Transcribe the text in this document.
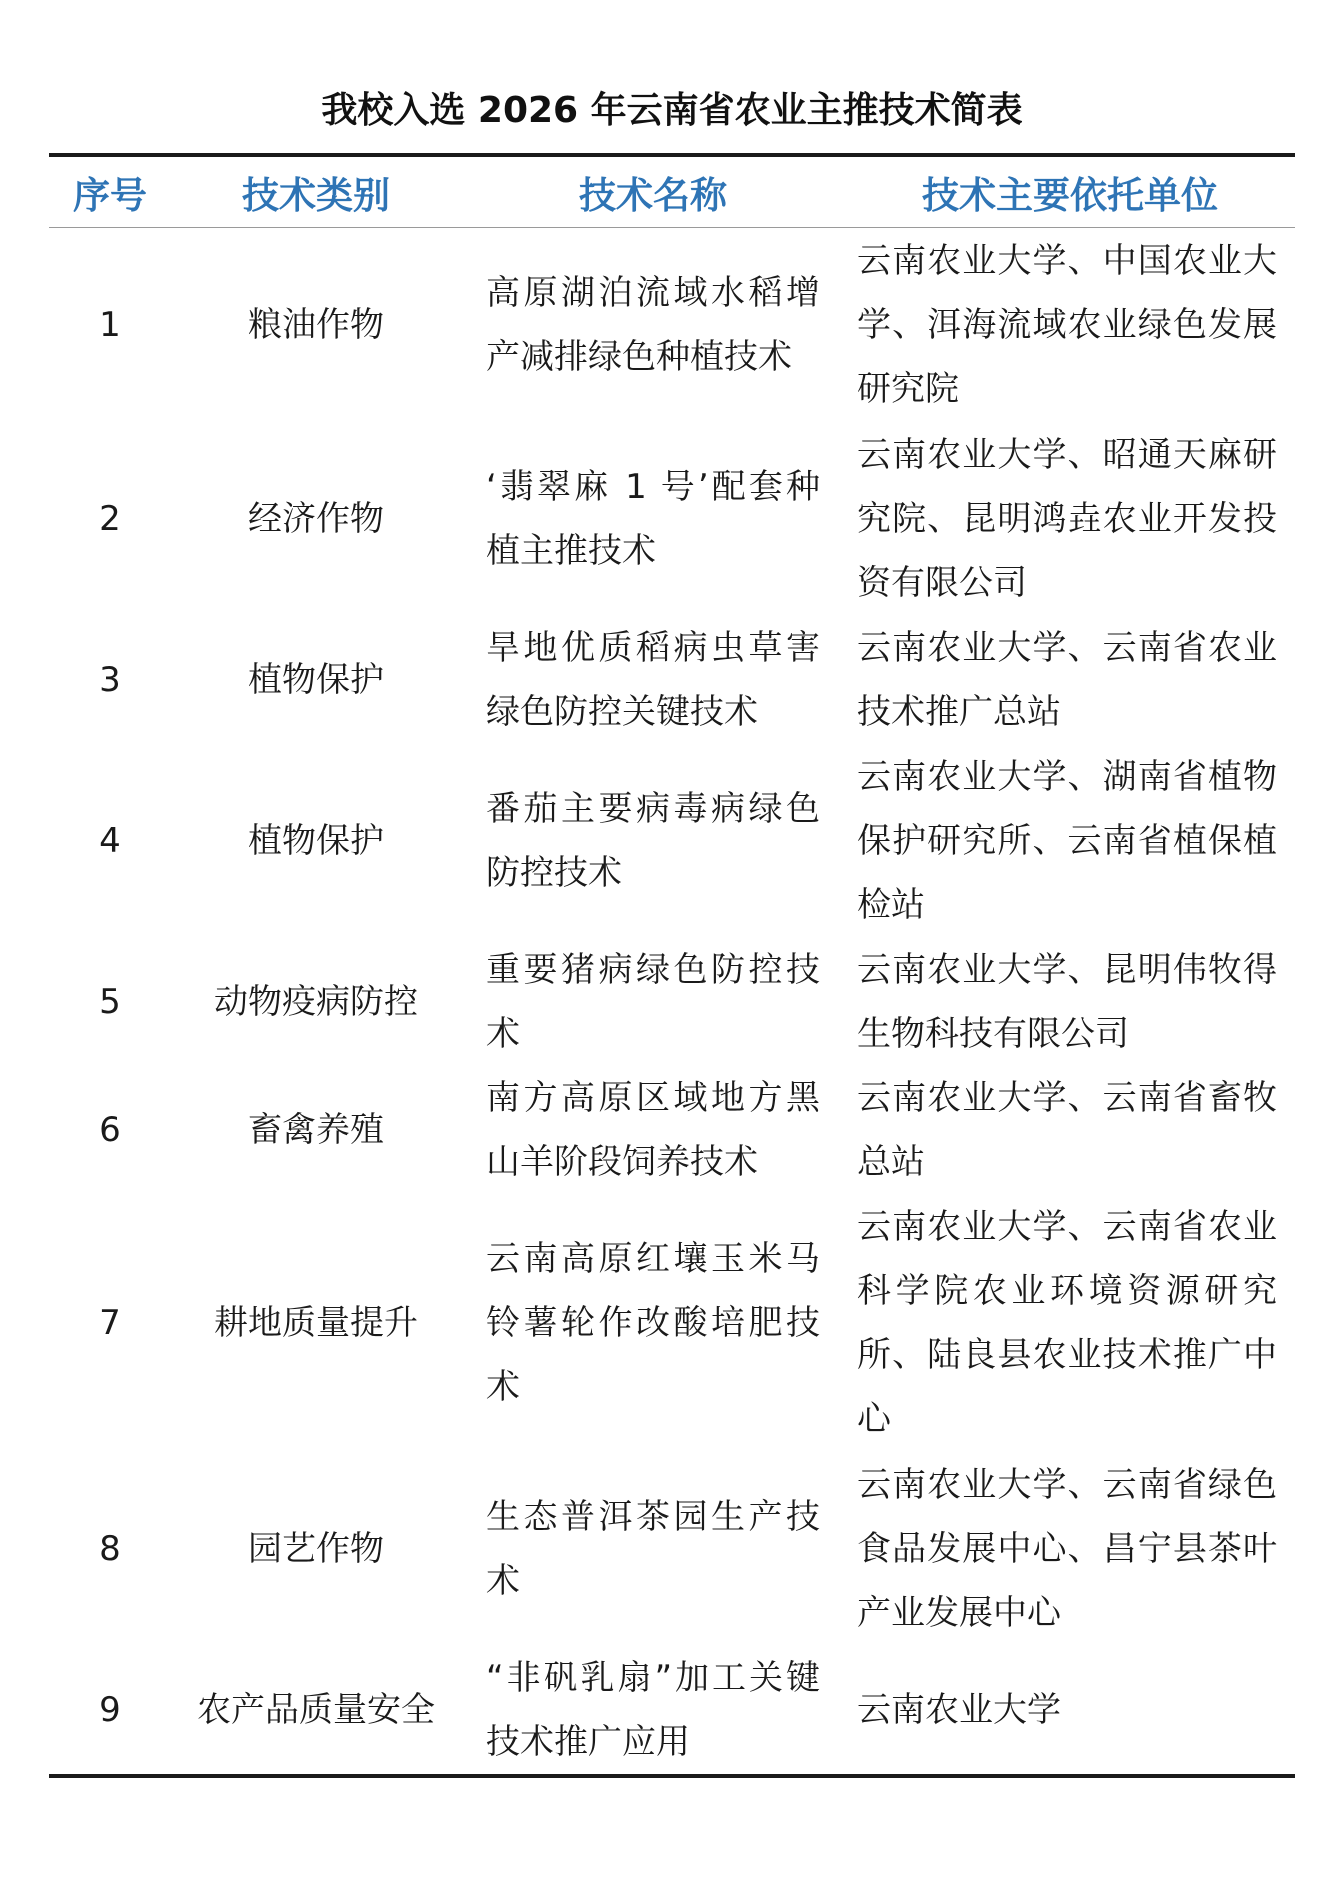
我校入选 2026 年云南省农业主推技术简表
序号	技术类别	技术名称	技术主要依托单位
1	粮油作物	高原湖泊流域水稻增产减排绿色种植技术	云南农业大学、中国农业大学、洱海流域农业绿色发展研究院
2	经济作物	‘翡翠麻 1 号’配套种植主推技术	云南农业大学、昭通天麻研究院、昆明鸿垚农业开发投资有限公司
3	植物保护	旱地优质稻病虫草害绿色防控关键技术	云南农业大学、云南省农业技术推广总站
4	植物保护	番茄主要病毒病绿色防控技术	云南农业大学、湖南省植物保护研究所、云南省植保植检站
5	动物疫病防控	重要猪病绿色防控技术	云南农业大学、昆明伟牧得生物科技有限公司
6	畜禽养殖	南方高原区域地方黑山羊阶段饲养技术	云南农业大学、云南省畜牧总站
7	耕地质量提升	云南高原红壤玉米马铃薯轮作改酸培肥技术	云南农业大学、云南省农业科学院农业环境资源研究所、陆良县农业技术推广中心
8	园艺作物	生态普洱茶园生产技术	云南农业大学、云南省绿色食品发展中心、昌宁县茶叶产业发展中心
9	农产品质量安全	“非矾乳扇”加工关键技术推广应用	云南农业大学
